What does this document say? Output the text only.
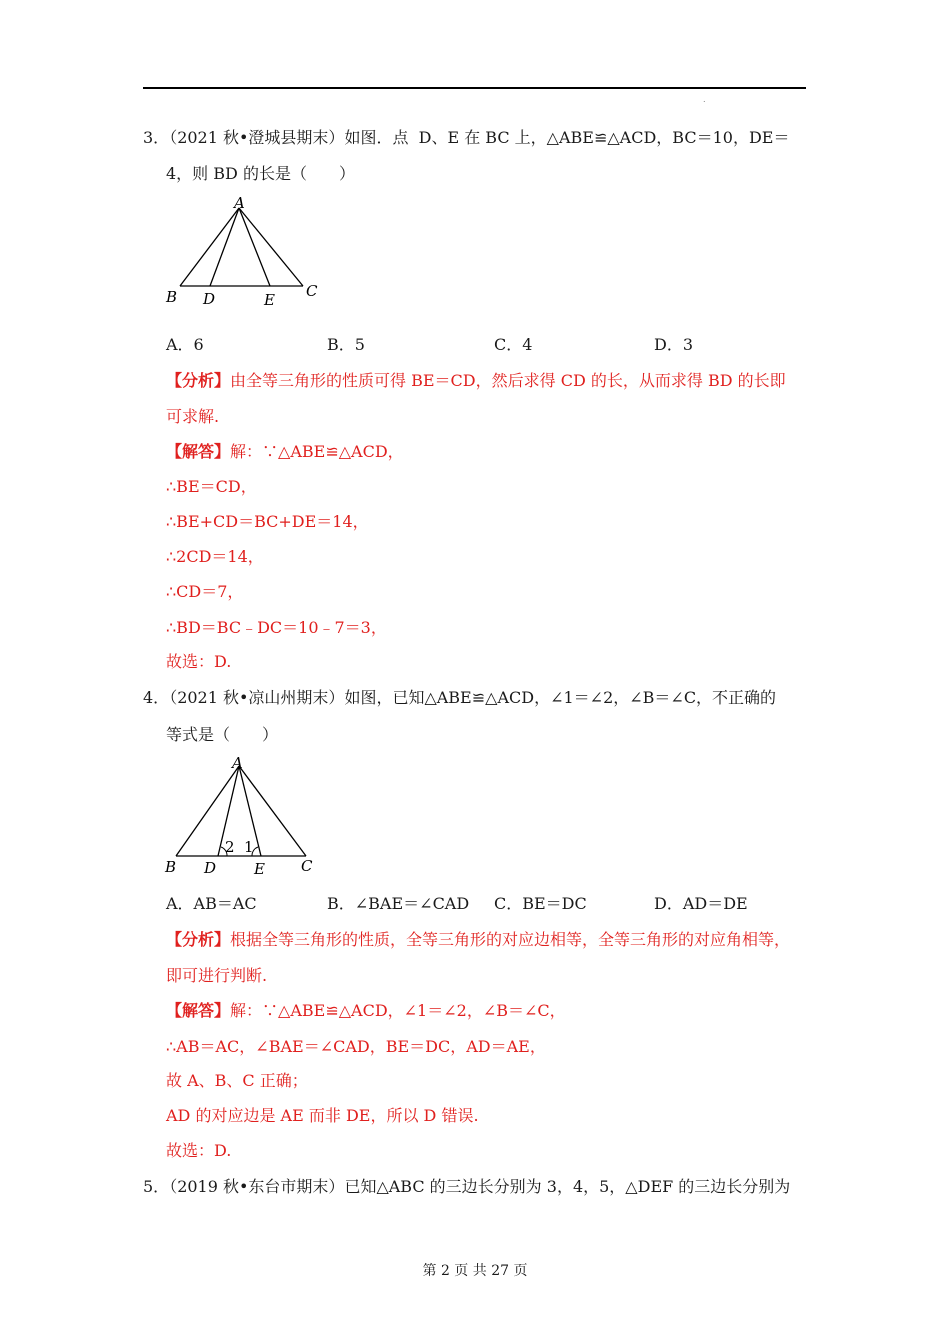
.
3．（2021 秋•澄城县期末）如图．点  D、E 在 BC 上，△ABE≌△ACD，BC＝10，DE＝
4，则 BD 的长是（　　）
A
B D	E C
A．6	B．5	C．4	D．3
【分析】由全等三角形的性质可得 BE＝CD，然后求得 CD 的长，从而求得 BD 的长即
可求解.
【解答】解：∵△ABE≌△ACD，
∴BE＝CD，
∴BE+CD＝BC+DE＝14，
∴2CD＝14，
∴CD＝7，
∴BD＝BC﹣DC＝10﹣7＝3，
故选：D.
4．（2021 秋•凉山州期末）如图，已知△ABE≌△ACD，∠1＝∠2，∠B＝∠C，不正确的
等式是（　　）
A
B D	E C
2 1
A．AB＝AC	B．∠BAE＝∠CAD C．BE＝DC	D．AD＝DE
【分析】根据全等三角形的性质，全等三角形的对应边相等，全等三角形的对应角相等，
即可进行判断.
【解答】解：∵△ABE≌△ACD，∠1＝∠2，∠B＝∠C，
∴AB＝AC，∠BAE＝∠CAD，BE＝DC，AD＝AE，
故 A、B、C 正确；
AD 的对应边是 AE 而非 DE，所以 D 错误.
故选：D.
5．（2019 秋•东台市期末）已知△ABC 的三边长分别为 3，4，5，△DEF 的三边长分别为
第 2 页 共 27 页
